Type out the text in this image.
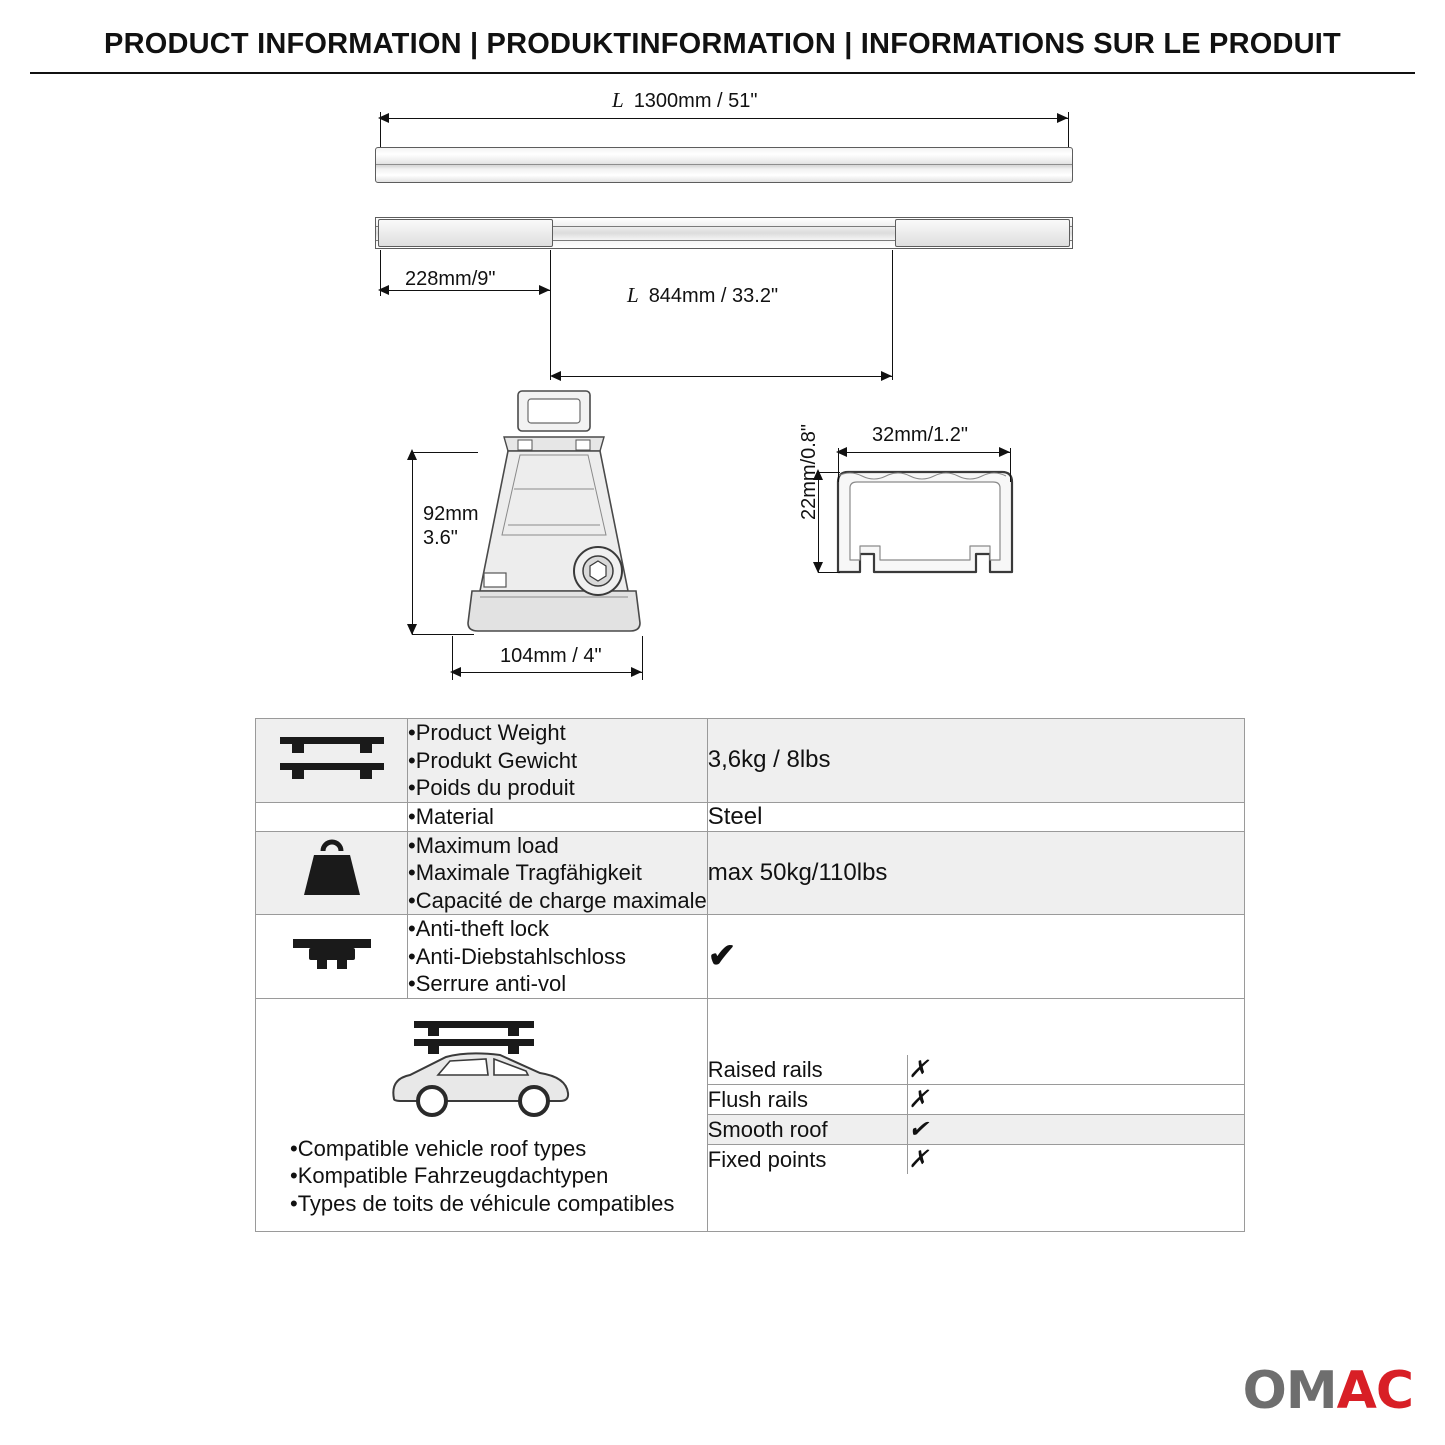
PRODUCT INFORMATION | PRODUKTINFORMATION | INFORMATIONS SUR LE PRODUIT
L 1300mm / 51"
228mm/9"
L 844mm / 33.2"
92mm
3.6"
104mm / 4"
32mm/1.2"
22mm/0.8"

•Product Weight
•Produkt Gewicht
•Poids du produit
	3,6kg / 8lbs

•Material	Steel

•Maximum load
•Maximale Tragfähigkeit
•Capacité de charge maximale
	max 50kg/110lbs

•Anti-theft lock
•Anti-Diebstahlschloss
•Serrure anti-vol
	✔

•Compatible vehicle roof types
•Kompatible Fahrzeugdachtypen
•Types de toits de véhicule compatibles

Raised rails	✗
Flush rails	✗
Smooth roof	✔
Fixed points	✗
OMAC
